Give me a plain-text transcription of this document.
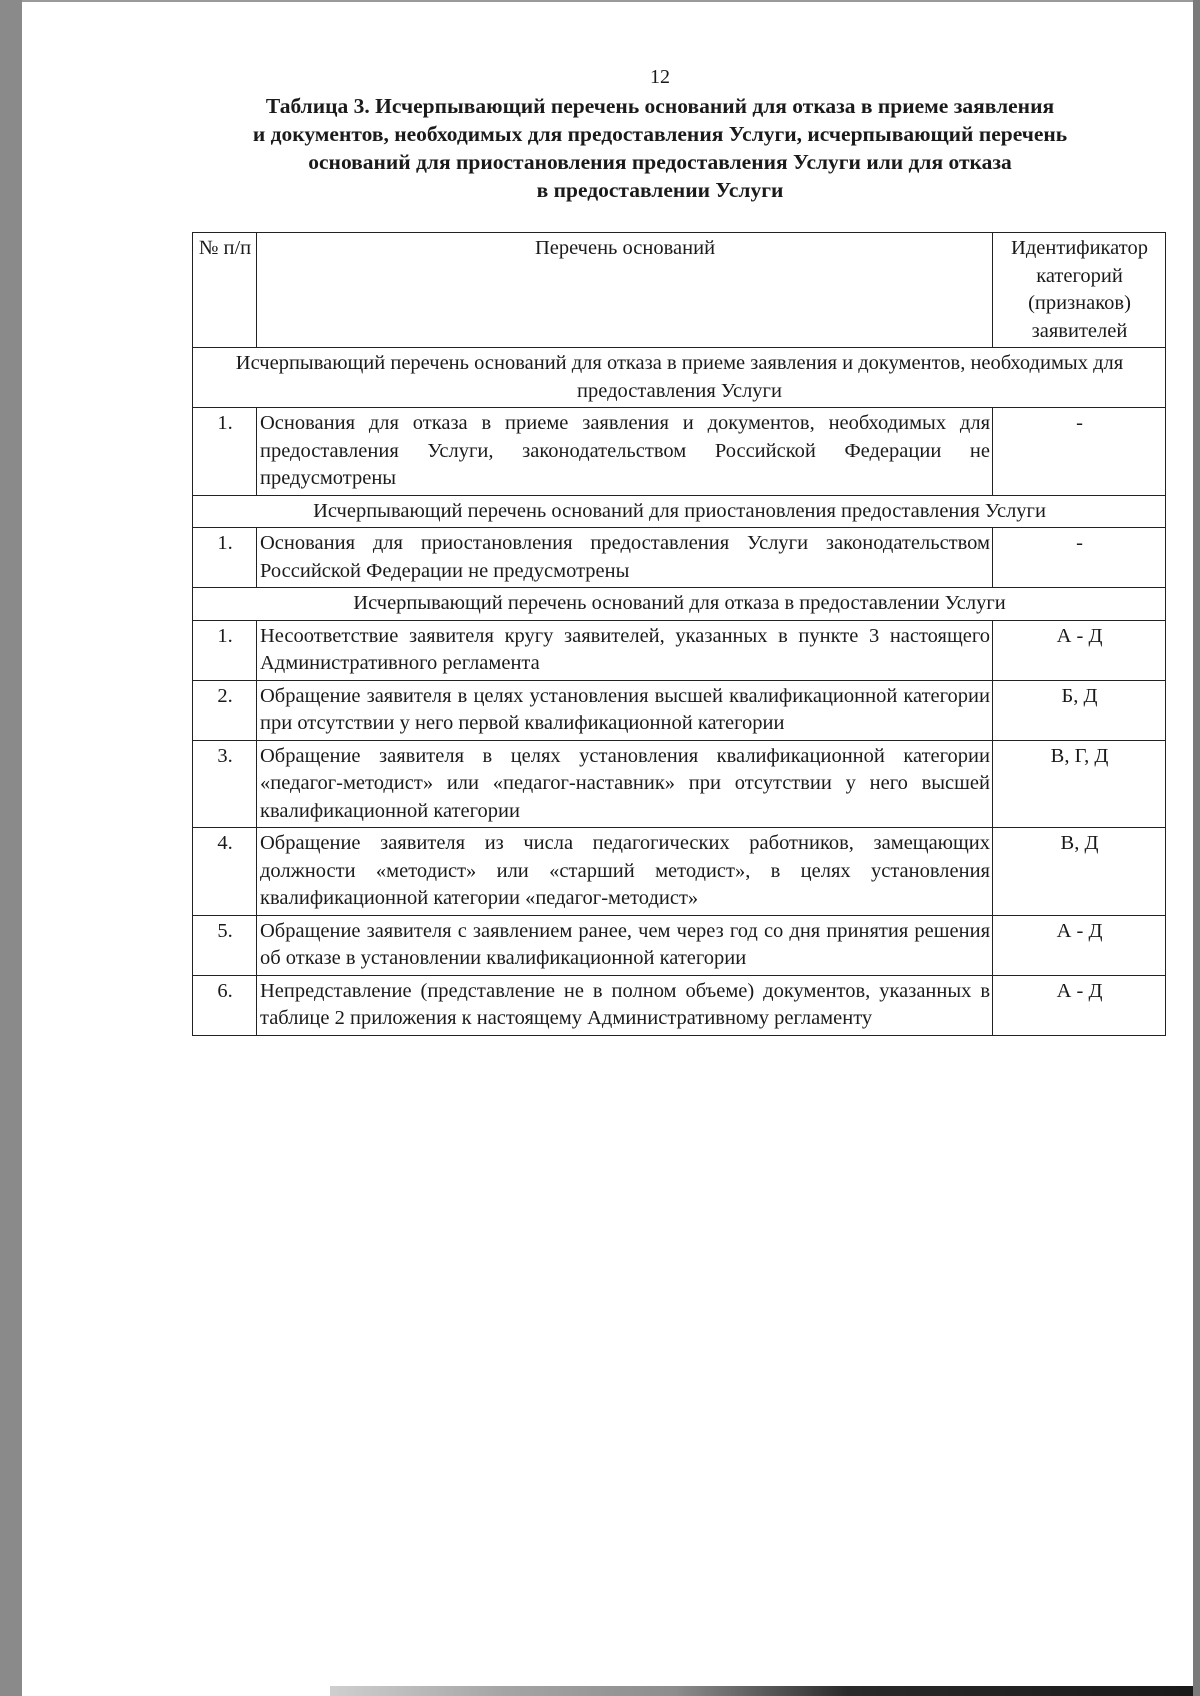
12
Таблица 3. Исчерпывающий перечень оснований для отказа в приеме заявления
и документов, необходимых для предоставления Услуги, исчерпывающий перечень
оснований для приостановления предоставления Услуги или для отказа
в предоставлении Услуги
№ п/п	Перечень оснований	Идентификатор категорий (признаков) заявителей
Исчерпывающий перечень оснований для отказа в приеме заявления и документов, необходимых для предоставления Услуги		
1.	Основания для отказа в приеме заявления и документов, необходимых для предоставления Услуги, законодательством Российской Федерации не предусмотрены	-
Исчерпывающий перечень оснований для приостановления предоставления Услуги		
1.	Основания для приостановления предоставления Услуги законодательством Российской Федерации не предусмотрены	-
Исчерпывающий перечень оснований для отказа в предоставлении Услуги		
1.	Несоответствие заявителя кругу заявителей, указанных в пункте 3 настоящего Административного регламента	А - Д
2.	Обращение заявителя в целях установления высшей квалификационной категории при отсутствии у него первой квалификационной категории	Б, Д
3.	Обращение заявителя в целях установления квалификационной категории «педагог-методист» или «педагог-наставник» при отсутствии у него высшей квалификационной категории	В, Г, Д
4.	Обращение заявителя из числа педагогических работников, замещающих должности «методист» или «старший методист», в целях установления квалификационной категории «педагог-методист»	В, Д
5.	Обращение заявителя с заявлением ранее, чем через год со дня принятия решения об отказе в установлении квалификационной категории	А - Д
6.	Непредставление (представление не в полном объеме) документов, указанных в таблице 2 приложения к настоящему Административному регламенту	А - Д
